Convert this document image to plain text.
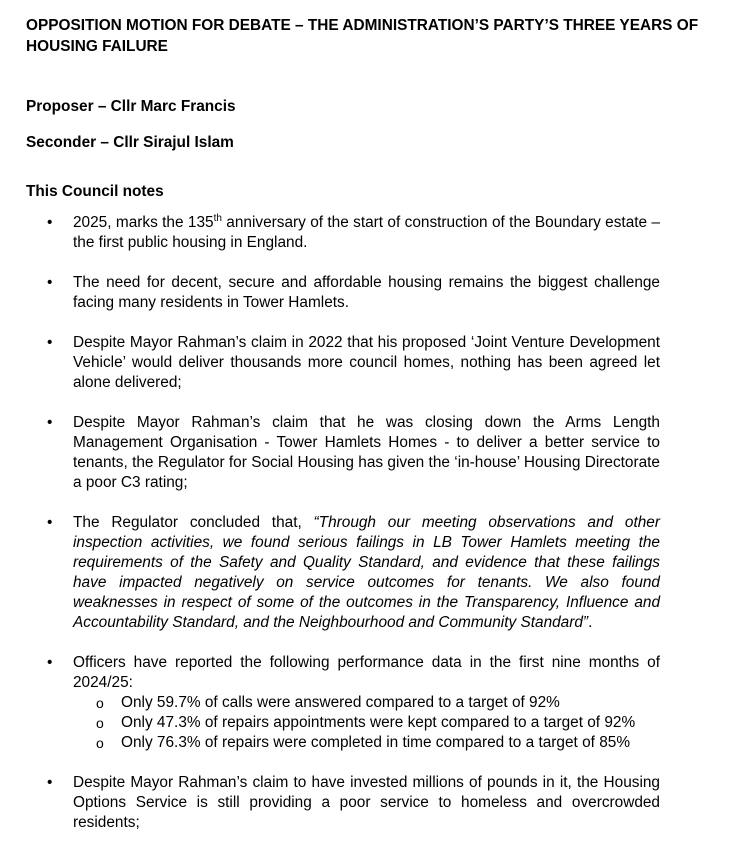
OPPOSITION MOTION FOR DEBATE – THE ADMINISTRATION’S PARTY’S THREE YEARS OF HOUSING FAILURE
Proposer – Cllr Marc Francis
Seconder – Cllr Sirajul Islam
This Council notes
• 2025, marks the 135th anniversary of the start of construction of the Boundary estate – the first public housing in England.
• The need for decent, secure and affordable housing remains the biggest challenge facing many residents in Tower Hamlets.
• Despite Mayor Rahman’s claim in 2022 that his proposed ‘Joint Venture Development Vehicle’ would deliver thousands more council homes, nothing has been agreed let alone delivered;
• Despite Mayor Rahman’s claim that he was closing down the Arms Length Management Organisation - Tower Hamlets Homes - to deliver a better service to tenants, the Regulator for Social Housing has given the ‘in-house’ Housing Directorate a poor C3 rating;
• The Regulator concluded that, “Through our meeting observations and other inspection activities, we found serious failings in LB Tower Hamlets meeting the requirements of the Safety and Quality Standard, and evidence that these failings have impacted negatively on service outcomes for tenants. We also found weaknesses in respect of some of the outcomes in the Transparency, Influence and Accountability Standard, and the Neighbourhood and Community Standard”.
• Officers have reported the following performance data in the first nine months of 2024/25:
o Only 59.7% of calls were answered compared to a target of 92%
o Only 47.3% of repairs appointments were kept compared to a target of 92%
o Only 76.3% of repairs were completed in time compared to a target of 85%
• Despite Mayor Rahman’s claim to have invested millions of pounds in it, the Housing Options Service is still providing a poor service to homeless and overcrowded residents;
